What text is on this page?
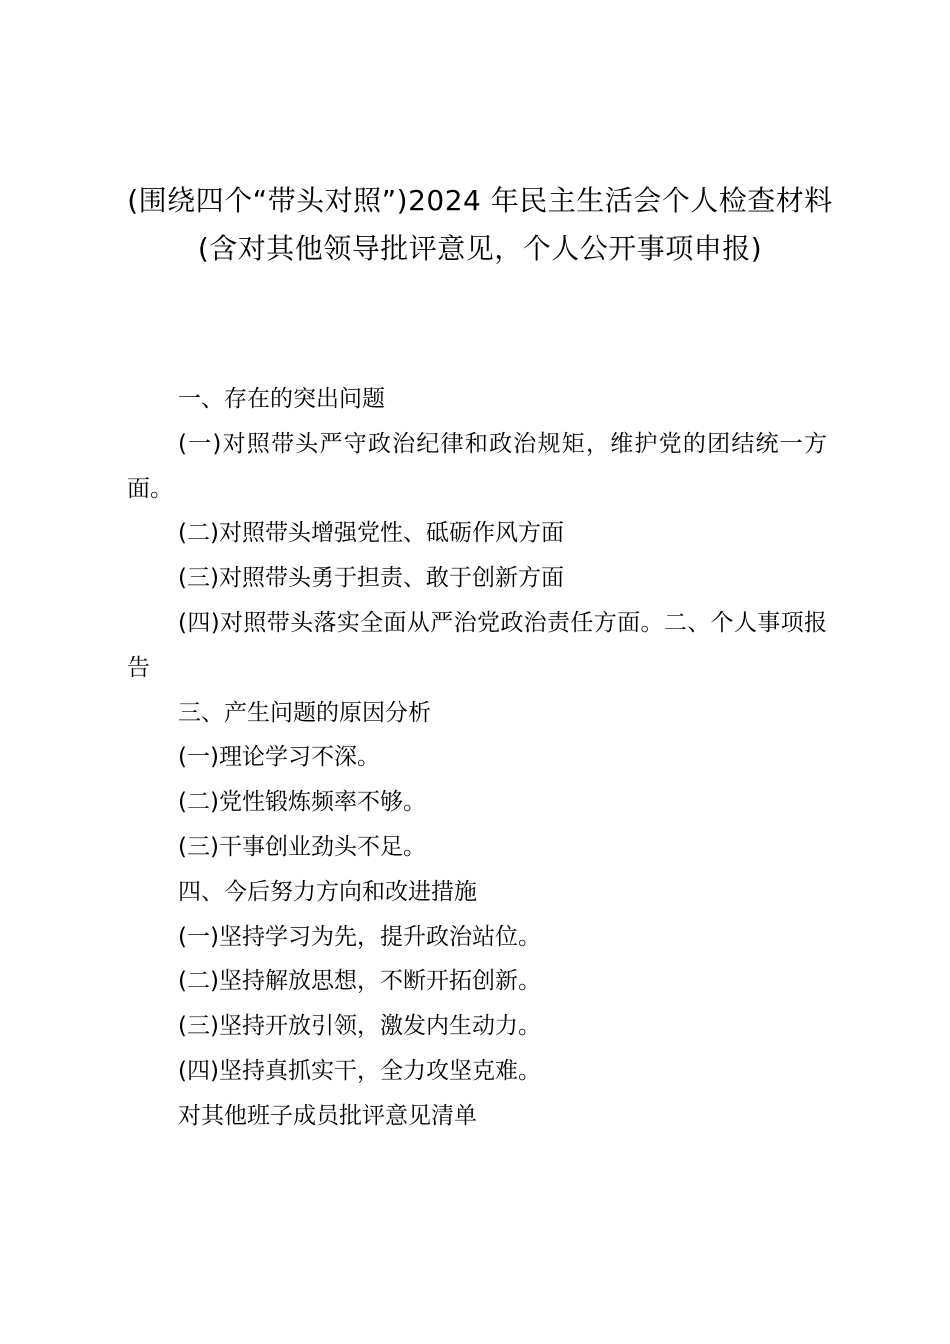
(围绕四个“带头对照”)2024 年民主生活会个人检查材料
(含对其他领导批评意见，个人公开事项申报)

一、存在的突出问题

(一)对照带头严守政治纪律和政治规矩，维护党的团结统一方面。

(二)对照带头增强党性、砥砺作风方面

(三)对照带头勇于担责、敢于创新方面

(四)对照带头落实全面从严治党政治责任方面。二、个人事项报告

三、产生问题的原因分析

(一)理论学习不深。

(二)党性锻炼频率不够。

(三)干事创业劲头不足。

四、今后努力方向和改进措施

(一)坚持学习为先，提升政治站位。

(二)坚持解放思想，不断开拓创新。

(三)坚持开放引领，激发内生动力。

(四)坚持真抓实干，全力攻坚克难。

对其他班子成员批评意见清单
